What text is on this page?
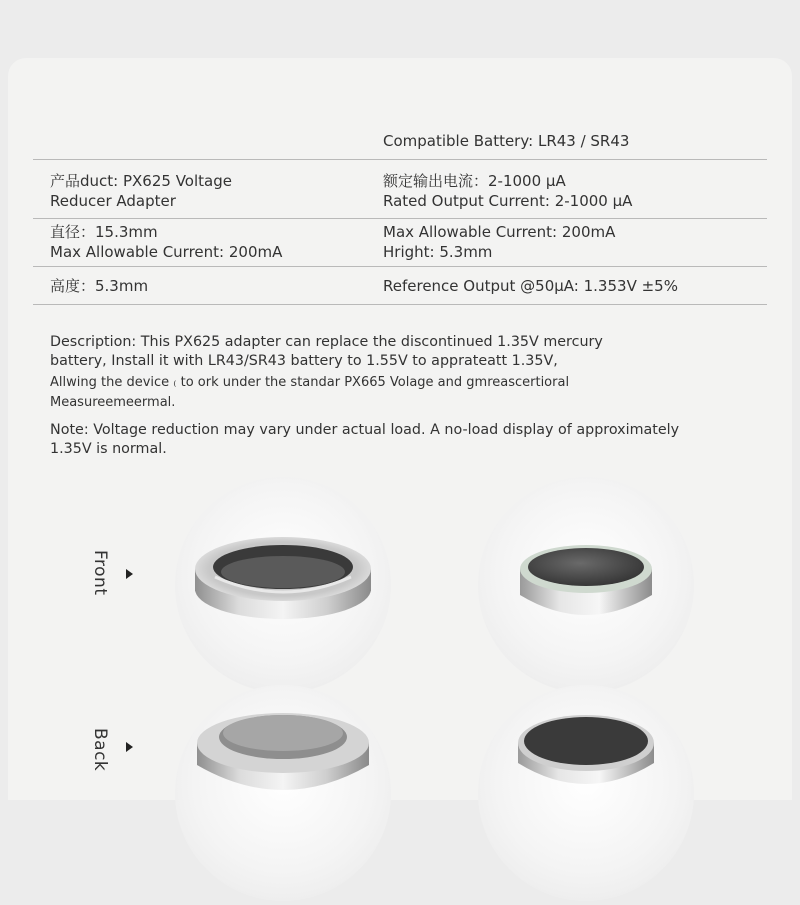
Compatible Battery: LR43 / SR43
产品duct: PX625 Voltage
Reducer Adapter
额定输出电流：2-1000 μA
Rated Output Current: 2-1000 μA
直径：15.3mm
Max Allowable Current: 200mA
Max Allowable Current: 200mA
Hright: 5.3mm
高度：5.3mm	Reference Output @50μA: 1.353V ±5%
Description: This PX625 adapter can replace the discontinued 1.35V mercury
battery, Install it with LR43/SR43 battery to 1.55V to apprateatt 1.35V,
Allwing the device ₍ to ork under the standar PX665 Volage and gmreascertioral
Measureemeermal.
Note: Voltage reduction may vary under actual load. A no-load display of approximately
1.35V is normal.
Front
Back
